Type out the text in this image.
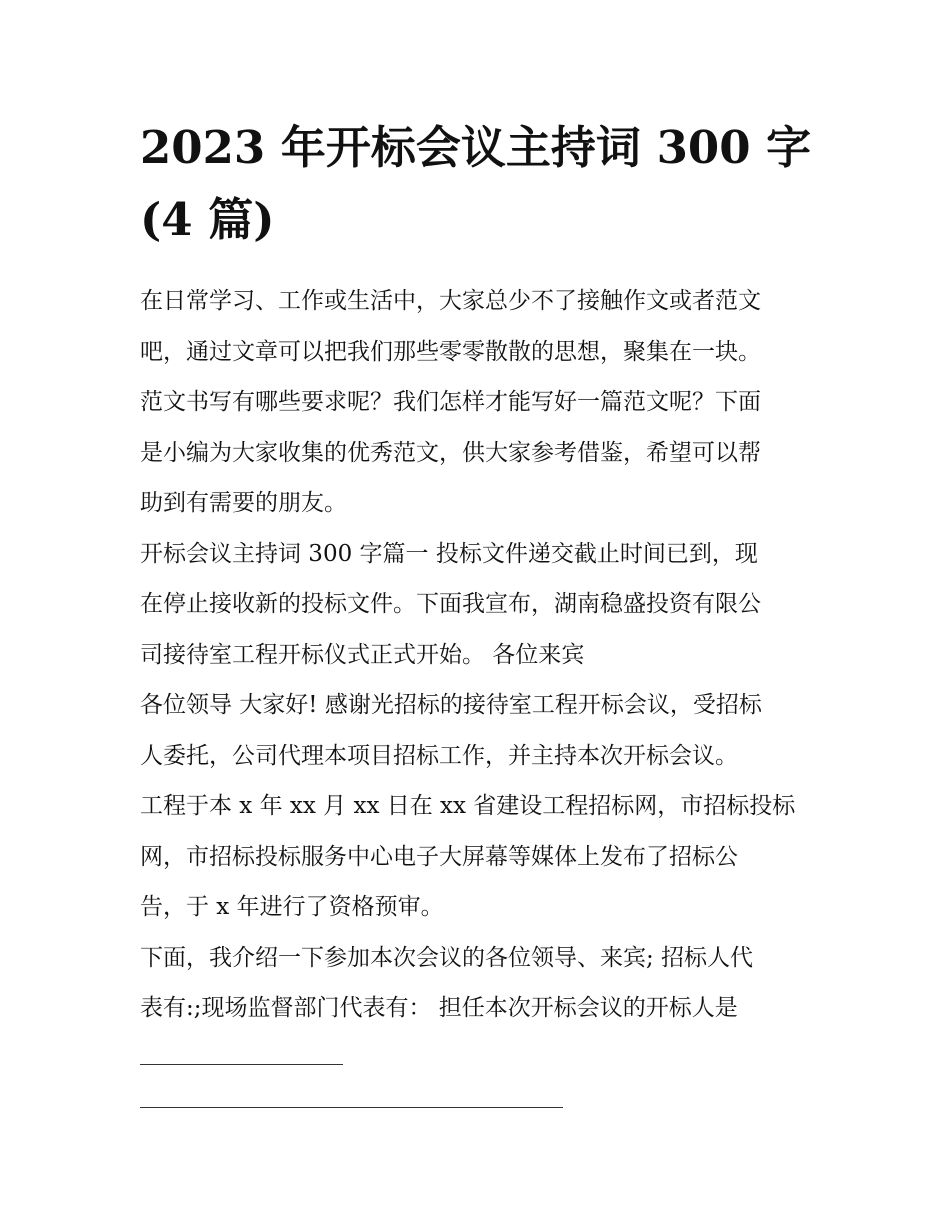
2023 年开标会议主持词 300 字
(4 篇)
在日常学习、工作或生活中，大家总少不了接触作文或者范文
吧，通过文章可以把我们那些零零散散的思想，聚集在一块。
范文书写有哪些要求呢？我们怎样才能写好一篇范文呢？下面
是小编为大家收集的优秀范文，供大家参考借鉴，希望可以帮
助到有需要的朋友。
开标会议主持词 300 字篇一 投标文件递交截止时间已到，现
在停止接收新的投标文件。下面我宣布，湖南稳盛投资有限公
司接待室工程开标仪式正式开始。 各位来宾
各位领导 大家好! 感谢光招标的接待室工程开标会议，受招标
人委托，公司代理本项目招标工作，并主持本次开标会议。
工程于本 x 年 xx 月 xx 日在 xx 省建设工程招标网，市招标投标
网，市招标投标服务中心电子大屏幕等媒体上发布了招标公
告，于 x 年进行了资格预审。
下面，我介绍一下参加本次会议的各位领导、来宾; 招标人代
表有:;现场监督部门代表有： 担任本次开标会议的开标人是
